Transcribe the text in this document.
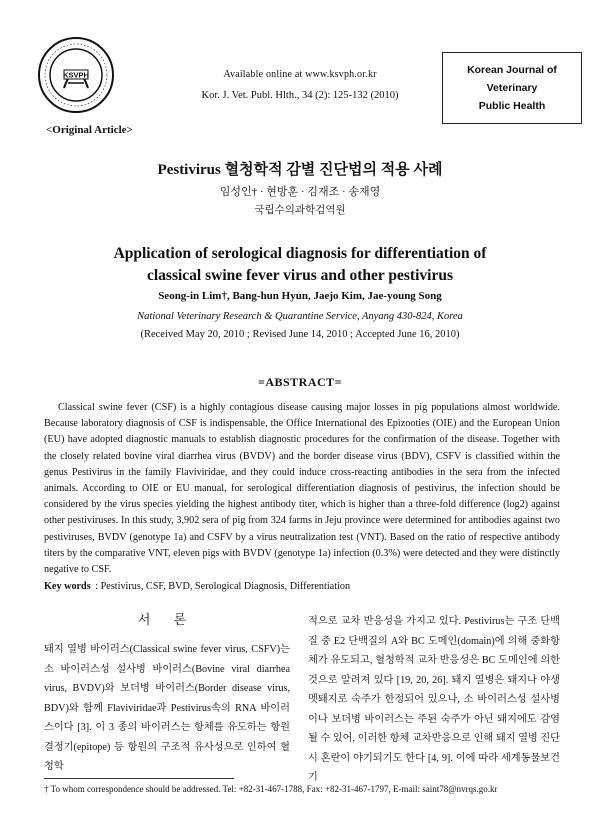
KSVPH	Available online at www.ksvph.or.kr
Kor. J. Vet. Publ. Hlth., 34 (2): 125-132 (2010)
Korean Journal of
Veterinary
Public Health
<Original Article>
Pestivirus 혈청학적 감별 진단법의 적용 사례
임성인† · 현방훈 · 김재조 · 송재영
국립수의과학검역원
Application of serological diagnosis for differentiation of
classical swine fever virus and other pestivirus
Seong-in Lim†, Bang-hun Hyun, Jaejo Kim, Jae-young Song
National Veterinary Research & Quarantine Service, Anyang 430-824, Korea
(Received May 20, 2010 ; Revised June 14, 2010 ; Accepted June 16, 2010)
=ABSTRACT=

Classical swine fever (CSF) is a highly contagious disease causing major losses in pig populations almost worldwide. Because laboratory diagnosis of CSF is indispensable, the Office International des Epizooties (OIE) and the European Union (EU) have adopted diagnostic manuals to establish diagnostic procedures for the confirmation of the disease. Together with the closely related bovine viral diarrhea virus (BVDV) and the border disease virus (BDV), CSFV is classified within the genus Pestivirus in the family Flaviviridae, and they could induce cross-reacting antibodies in the sera from the infected animals. According to OIE or EU manual, for serological differentiation diagnosis of pestivirus, the infection should be considered by the virus species yielding the highest antibody titer, which is higher than a three-fold difference (log2) against other pestiviruses. In this study, 3,902 sera of pig from 324 farms in Jeju province were determined for antibodies against two pestiviruses, BVDV (genotype 1a) and CSFV by a virus neutralization test (VNT). Based on the ratio of respective antibody titers by the comparative VNT, eleven pigs with BVDV (genotype 1a) infection (0.3%) were detected and they were distinctly negative to CSF.

Key words : Pestivirus, CSF, BVD, Serological Diagnosis, Differentiation
서 론
돼지 열병 바이러스(Classical swine fever virus, CSFV)는 소 바이러스성 설사병 바이러스(Bovine viral diarrhea virus, BVDV)와 보더병 바이러스(Border disease virus, BDV)와 함께 Flaviviridae과 Pestivirus속의 RNA 바이러스이다 [3]. 이 3 종의 바이러스는 항체를 유도하는 항원결정기(epitope) 등 항원의 구조적 유사성으로 인하여 혈청학
적으로 교차 반응성을 가지고 있다. Pestivirus는 구조 단백질 중 E2 단백질의 A와 BC 도메인(domain)에 의해 중화항체가 유도되고, 혈청학적 교차 반응성은 BC 도메인에 의한 것으로 알려져 있다 [19, 20, 26]. 돼지 열병은 돼지나 야생 멧돼지로 숙주가 한정되어 있으나, 소 바이러스성 설사병이나 보더병 바이러스는 주된 숙주가 아닌 돼지에도 감염될 수 있어, 이러한 항체 교차반응으로 인해 돼지 열병 진단시 혼란이 야기되기도 한다 [4, 9]. 이에 따라 세계동물보건기
† To whom correspondence should be addressed. Tel: +82-31-467-1788, Fax: +82-31-467-1797, E-mail: saint78@nvrqs.go.kr
